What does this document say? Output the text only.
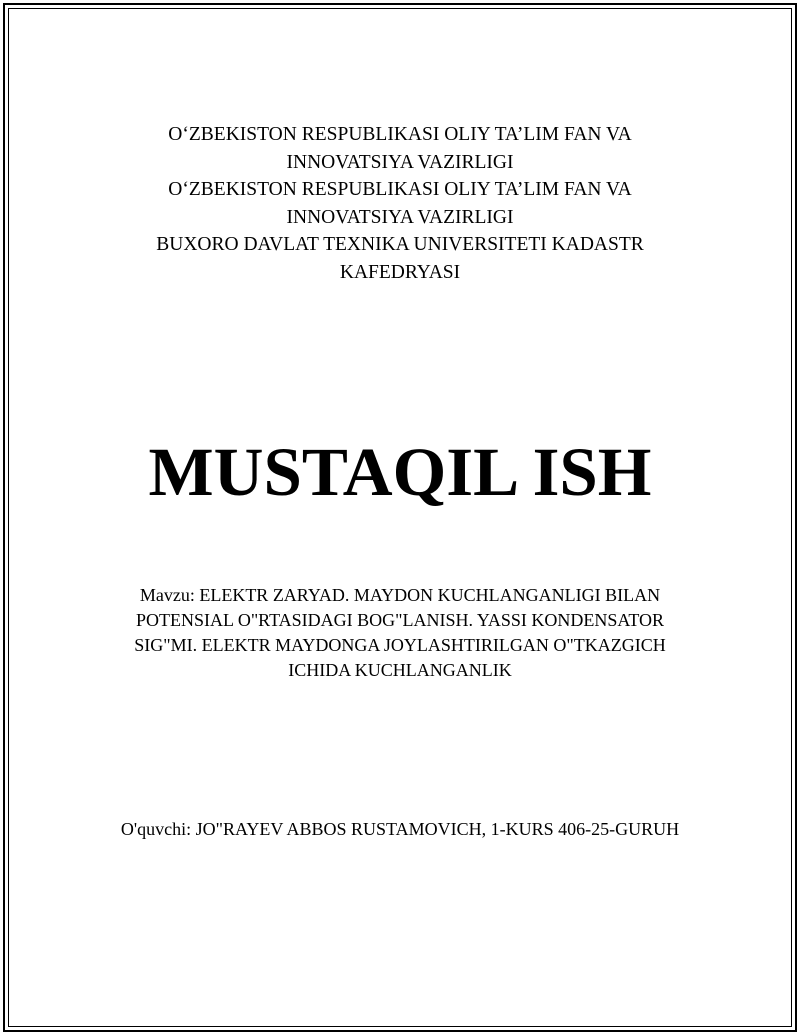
O‘ZBEKISTON RESPUBLIKASI OLIY TA’LIM FAN VA
INNOVATSIYA VAZIRLIGI
O‘ZBEKISTON RESPUBLIKASI OLIY TA’LIM FAN VA
INNOVATSIYA VAZIRLIGI
BUXORO DAVLAT TEXNIKA UNIVERSITETI KADASTR
KAFEDRYASI
MUSTAQIL ISH
Mavzu: ELEKTR ZARYAD. MAYDON KUCHLANGANLIGI BILAN POTENSIAL O"RTASIDAGI BOG"LANISH. YASSI KONDENSATOR SIG"MI. ELEKTR MAYDONGA JOYLASHTIRILGAN O"TKAZGICH ICHIDA KUCHLANGANLIK
O'quvchi: JO"RAYEV ABBOS RUSTAMOVICH, 1-KURS 406-25-GURUH
